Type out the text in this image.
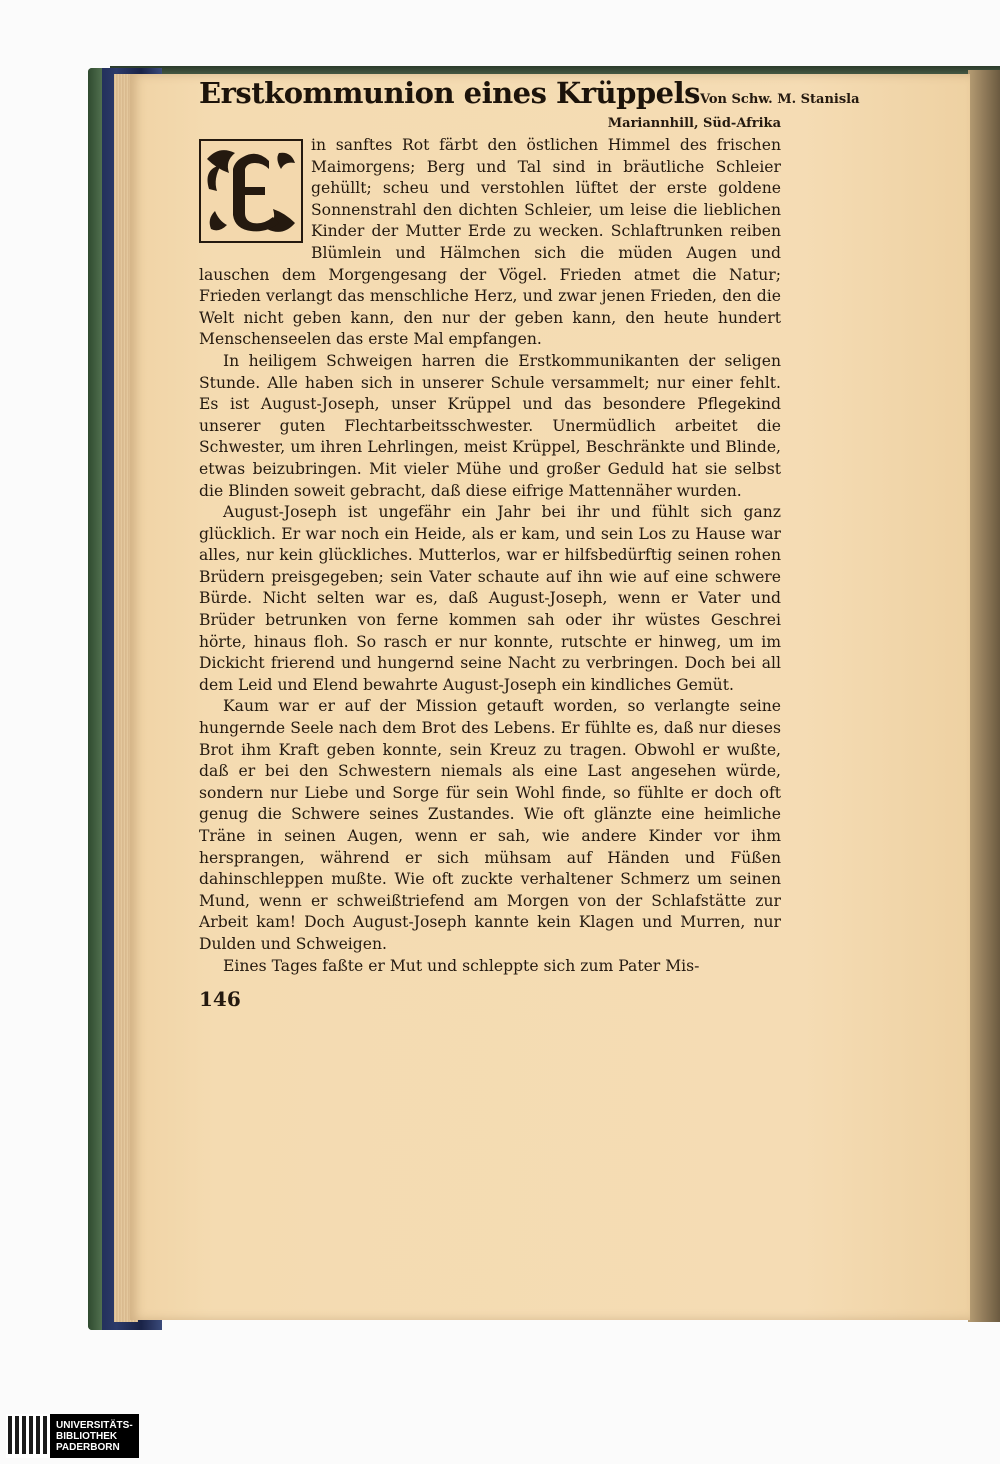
Erstkommunion eines Krüppels Von Schw. M. Stanisla
Mariannhill, Süd-Afrika

in sanftes Rot färbt den östlichen Himmel des frischen Maimorgens; Berg und Tal sind in bräutliche Schleier gehüllt; scheu und verstohlen lüftet der erste goldene Sonnenstrahl den dichten Schleier, um leise die lieblichen Kinder der Mutter Erde zu wecken. Schlaftrunken reiben Blümlein und Hälmchen sich die müden Augen und lauschen dem Morgengesang der Vögel. Frieden atmet die Natur; Frieden verlangt das menschliche Herz, und zwar jenen Frieden, den die Welt nicht geben kann, den nur der geben kann, den heute hundert Menschenseelen das erste Mal empfangen.

In heiligem Schweigen harren die Erstkommunikanten der seligen Stunde. Alle haben sich in unserer Schule versammelt; nur einer fehlt. Es ist August-Joseph, unser Krüppel und das besondere Pflegekind unserer guten Flechtarbeitsschwester. Unermüdlich arbeitet die Schwester, um ihren Lehrlingen, meist Krüppel, Beschränkte und Blinde, etwas beizubringen. Mit vieler Mühe und großer Geduld hat sie selbst die Blinden soweit gebracht, daß diese eifrige Mattennäher wurden.

August-Joseph ist ungefähr ein Jahr bei ihr und fühlt sich ganz glücklich. Er war noch ein Heide, als er kam, und sein Los zu Hause war alles, nur kein glückliches. Mutterlos, war er hilfsbedürftig seinen rohen Brüdern preisgegeben; sein Vater schaute auf ihn wie auf eine schwere Bürde. Nicht selten war es, daß August-Joseph, wenn er Vater und Brüder betrunken von ferne kommen sah oder ihr wüstes Geschrei hörte, hinaus floh. So rasch er nur konnte, rutschte er hinweg, um im Dickicht frierend und hungernd seine Nacht zu verbringen. Doch bei all dem Leid und Elend bewahrte August-Joseph ein kindliches Gemüt.

Kaum war er auf der Mission getauft worden, so verlangte seine hungernde Seele nach dem Brot des Lebens. Er fühlte es, daß nur dieses Brot ihm Kraft geben konnte, sein Kreuz zu tragen. Obwohl er wußte, daß er bei den Schwestern niemals als eine Last angesehen würde, sondern nur Liebe und Sorge für sein Wohl finde, so fühlte er doch oft genug die Schwere seines Zustandes. Wie oft glänzte eine heimliche Träne in seinen Augen, wenn er sah, wie andere Kinder vor ihm hersprangen, während er sich mühsam auf Händen und Füßen dahinschleppen mußte. Wie oft zuckte verhaltener Schmerz um seinen Mund, wenn er schweißtriefend am Morgen von der Schlafstätte zur Arbeit kam! Doch August-Joseph kannte kein Klagen und Murren, nur Dulden und Schweigen.

Eines Tages faßte er Mut und schleppte sich zum Pater Mis-

146
UNIVERSITÄTS-
BIBLIOTHEK
PADERBORN
